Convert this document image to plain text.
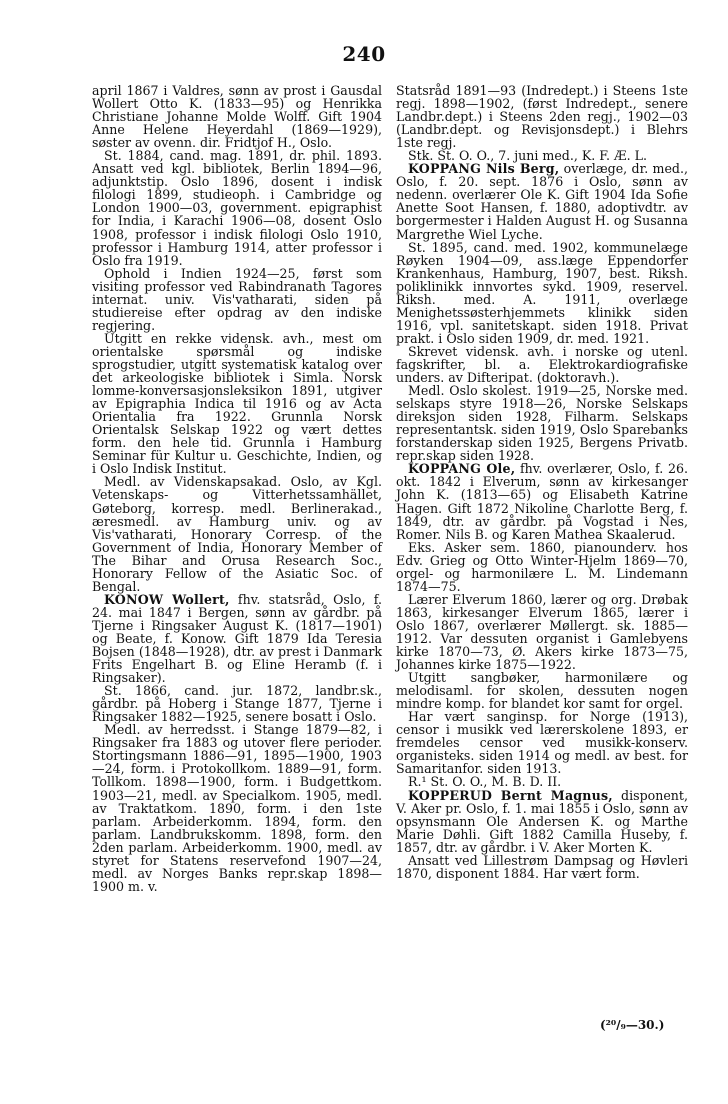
240

april 1867 i Valdres, sønn av prost i Gausdal Wollert Otto K. (1833—95) og Henrikka Christiane Johanne Molde Wolff. Gift 1904 Anne Helene Heyerdahl (1869—1929), søster av ovenn. dir. Fridtjof H., Oslo.

St. 1884, cand. mag. 1891, dr. phil. 1893. Ansatt ved kgl. bibliotek, Berlin 1894—96, adjunktstip. Oslo 1896, dosent i indisk filologi 1899, studieoph. i Cambridge og London 1900—03, government. epigraphist for India, i Karachi 1906—08, dosent Oslo 1908, professor i indisk filologi Oslo 1910, professor i Hamburg 1914, atter professor i Oslo fra 1919.

Ophold i Indien 1924—25, først som visiting professor ved Rabindranath Tagores internat. univ. Vis'vatharati, siden på studiereise efter opdrag av den indiske regjering.

Utgitt en rekke vidensk. avh., mest om orientalske spørsmål og indiske sprogstudier, utgitt systematisk katalog over det arkeologiske bibliotek i Simla. Norsk lomme-konversasjonsleksikon 1891, utgiver av Epigraphia Indica til 1916 og av Acta Orientalia fra 1922. Grunnla Norsk Orientalsk Selskap 1922 og vært dettes form. den hele tid. Grunnla i Hamburg Seminar für Kultur u. Geschichte, Indien, og i Oslo Indisk Institut.

Medl. av Videnskapsakad. Oslo, av Kgl. Vetenskaps- og Vitterhetssamhället, Gøteborg, korresp. medl. Berlinerakad., æresmedl. av Hamburg univ. og av Vis'vatharati, Honorary Corresp. of the Government of India, Honorary Member of The Bihar and Orusa Research Soc., Honorary Fellow of the Asiatic Soc. of Bengal.

KONOW Wollert, fhv. statsråd, Oslo, f. 24. mai 1847 i Bergen, sønn av gårdbr. på Tjerne i Ringsaker August K. (1817—1901) og Beate, f. Konow. Gift 1879 Ida Teresia Bojsen (1848—1928), dtr. av prest i Danmark Frits Engelhart B. og Eline Heramb (f. i Ringsaker).

St. 1866, cand. jur. 1872, landbr.sk., gårdbr. på Hoberg i Stange 1877, Tjerne i Ringsaker 1882—1925, senere bosatt i Oslo.

Medl. av herredsst. i Stange 1879—82, i Ringsaker fra 1883 og utover flere perioder. Stortingsmann 1886—91, 1895—1900, 1903—24, form. i Protokollkom. 1889—91, form. Tollkom. 1898—1900, form. i Budgettkom. 1903—21, medl. av Specialkom. 1905, medl. av Traktatkom. 1890, form. i den 1ste parlam. Arbeiderkomm. 1894, form. den parlam. Landbrukskomm. 1898, form. den 2den parlam. Arbeiderkomm. 1900, medl. av styret for Statens reservefond 1907—24, medl. av Norges Banks repr.skap 1898—1900 m. v.

Statsråd 1891—93 (Indredept.) i Steens 1ste regj. 1898—1902, (først Indredept., senere Landbr.dept.) i Steens 2den regj., 1902—03 (Landbr.dept. og Revisjonsdept.) i Blehrs 1ste regj.

Stk. St. O. O., 7. juni med., K. F. Æ. L.

KOPPANG Nils Berg, overlæge, dr. med., Oslo, f. 20. sept. 1876 i Oslo, sønn av nedenn. overlærer Ole K. Gift 1904 Ida Sofie Anette Soot Hansen, f. 1880, adoptivdtr. av borgermester i Halden August H. og Susanna Margrethe Wiel Lyche.

St. 1895, cand. med. 1902, kommunelæge Røyken 1904—09, ass.læge Eppendorfer Krankenhaus, Hamburg, 1907, best. Riksh. poliklinikk innvortes sykd. 1909, reservel. Riksh. med. A. 1911, overlæge Menighetssøsterhjemmets klinikk siden 1916, vpl. sanitetskapt. siden 1918. Privat prakt. i Oslo siden 1909, dr. med. 1921.

Skrevet vidensk. avh. i norske og utenl. fagskrifter, bl. a. Elektrokardiografiske unders. av Difteripat. (doktoravh.).

Medl. Oslo skolest. 1919—25, Norske med. selskaps styre 1918—26, Norske Selskaps direksjon siden 1928, Filharm. Selskaps representantsk. siden 1919, Oslo Sparebanks forstanderskap siden 1925, Bergens Privatb. repr.skap siden 1928.

KOPPANG Ole, fhv. overlærer, Oslo, f. 26. okt. 1842 i Elverum, sønn av kirkesanger John K. (1813—65) og Elisabeth Katrine Hagen. Gift 1872 Nikoline Charlotte Berg, f. 1849, dtr. av gårdbr. på Vogstad i Nes, Romer. Nils B. og Karen Mathea Skaalerud.

Eks. Asker sem. 1860, pianounderv. hos Edv. Grieg og Otto Winter-Hjelm 1869—70, orgel- og harmonilære L. M. Lindemann 1874—75.

Lærer Elverum 1860, lærer og org. Drøbak 1863, kirkesanger Elverum 1865, lærer i Oslo 1867, overlærer Møllergt. sk. 1885—1912. Var dessuten organist i Gamlebyens kirke 1870—73, Ø. Akers kirke 1873—75, Johannes kirke 1875—1922.

Utgitt sangbøker, harmonilære og melodisaml. for skolen, dessuten nogen mindre komp. for blandet kor samt for orgel.

Har vært sanginsp. for Norge (1913), censor i musikk ved lærerskolene 1893, er fremdeles censor ved musikk-konserv. organisteks. siden 1914 og medl. av best. for Samaritanfor. siden 1913.

R.¹ St. O. O., M. B. D. II.

KOPPERUD Bernt Magnus, disponent, V. Aker pr. Oslo, f. 1. mai 1855 i Oslo, sønn av opsynsmann Ole Andersen K. og Marthe Marie Døhli. Gift 1882 Camilla Huseby, f. 1857, dtr. av gårdbr. i V. Aker Morten K.

Ansatt ved Lillestrøm Dampsag og Høvleri 1870, disponent 1884. Har vært form.

(²⁰/₉—30.)
